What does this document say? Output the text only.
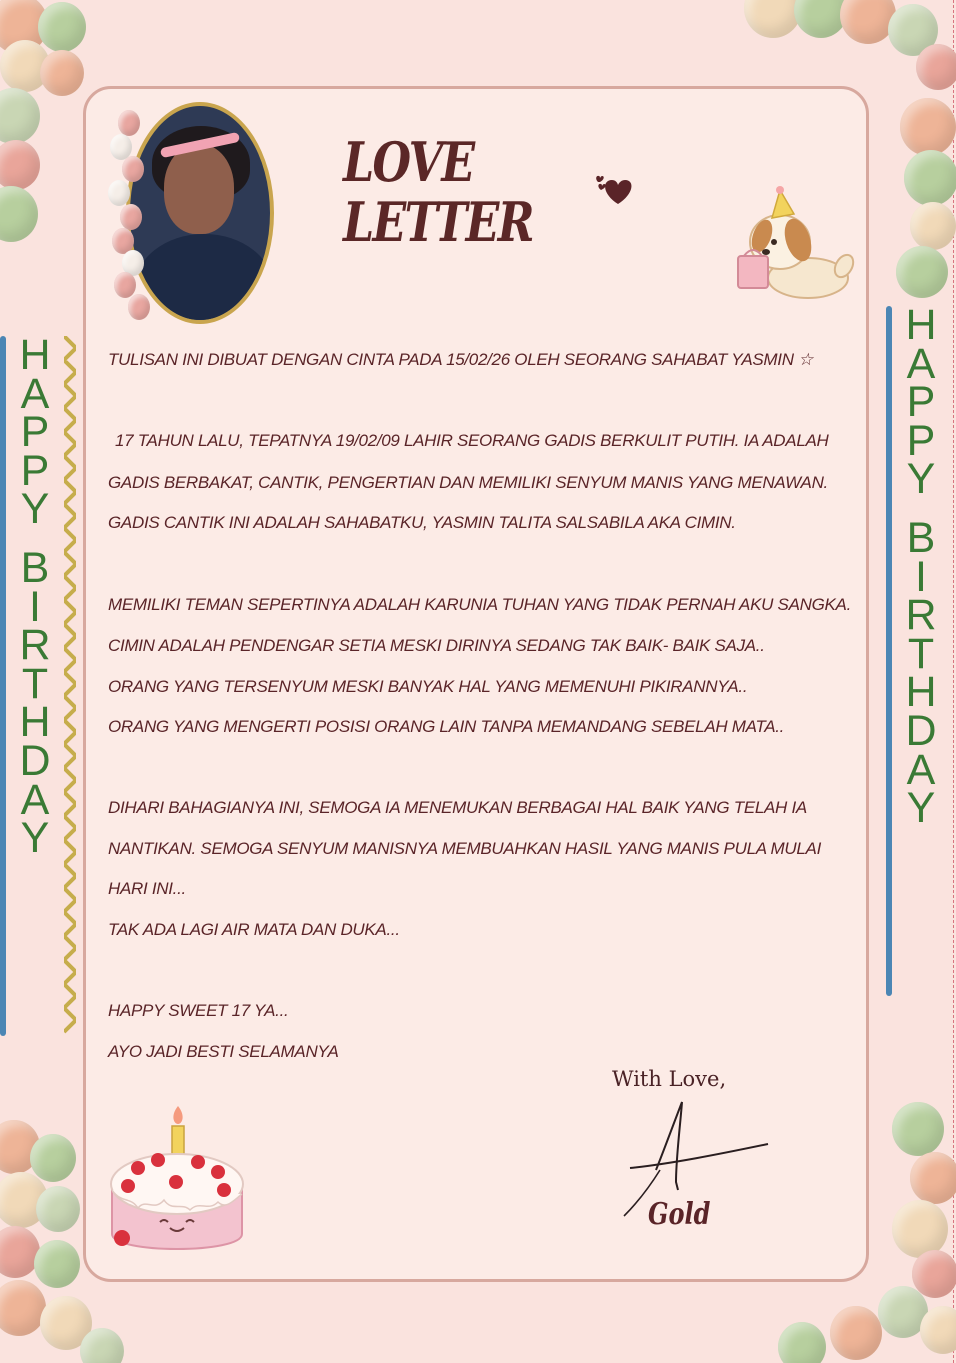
H
A
P
P
Y

B
I
R
T
H
D
A
Y
H
A
P
P
Y

B
I
R
T
H
D
A
Y
LOVE LETTER
TULISAN INI DIBUAT DENGAN CINTA PADA 15/02/26 OLEH SEORANG SAHABAT YASMIN ☆
17 TAHUN LALU, TEPATNYA 19/02/09 LAHIR SEORANG GADIS BERKULIT PUTIH. IA ADALAH
GADIS BERBAKAT, CANTIK, PENGERTIAN DAN MEMILIKI SENYUM MANIS YANG MENAWAN.
GADIS CANTIK INI ADALAH SAHABATKU, YASMIN TALITA SALSABILA AKA CIMIN.
MEMILIKI TEMAN SEPERTINYA ADALAH KARUNIA TUHAN YANG TIDAK PERNAH AKU SANGKA.
CIMIN ADALAH PENDENGAR SETIA MESKI DIRINYA SEDANG TAK BAIK- BAIK SAJA..
ORANG YANG TERSENYUM MESKI BANYAK HAL YANG MEMENUHI PIKIRANNYA..
ORANG YANG MENGERTI POSISI ORANG LAIN TANPA MEMANDANG SEBELAH MATA..
DIHARI BAHAGIANYA INI, SEMOGA IA MENEMUKAN BERBAGAI HAL BAIK YANG TELAH IA
NANTIKAN. SEMOGA SENYUM MANISNYA MEMBUAHKAN HASIL YANG MANIS PULA MULAI
HARI INI...
TAK ADA LAGI AIR MATA DAN DUKA...
HAPPY SWEET 17 YA...
AYO JADI BESTI SELAMANYA
With Love,
Gold
